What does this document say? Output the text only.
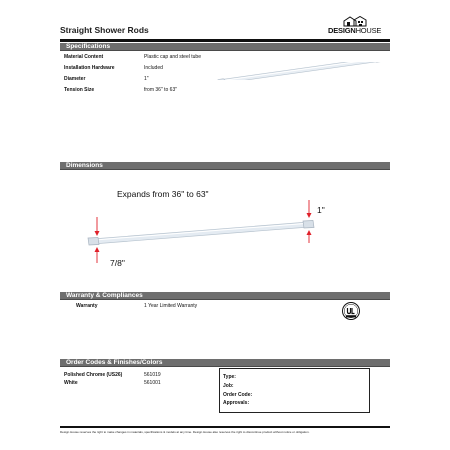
Straight Shower Rods	DESIGNHOUSE
Specifications
Material Content	Plastic cap and steel tube
Installation Hardware	Included
Diameter	1"
Tension Size	from 36" to 63"
Dimensions
Expands from 36" to 63"
1"
7/8"
Warranty & Compliances
Warranty	1 Year Limited Warranty
Order Codes & Finishes/Colors
Polished Chrome (US26)	561019
White	561001
Type:
Job:
Order Code:
Approvals:
Design House reserves the right to make changes in materials, specifications & models at any time. Design House also reserves the right to discontinue product without notice or obligation.
